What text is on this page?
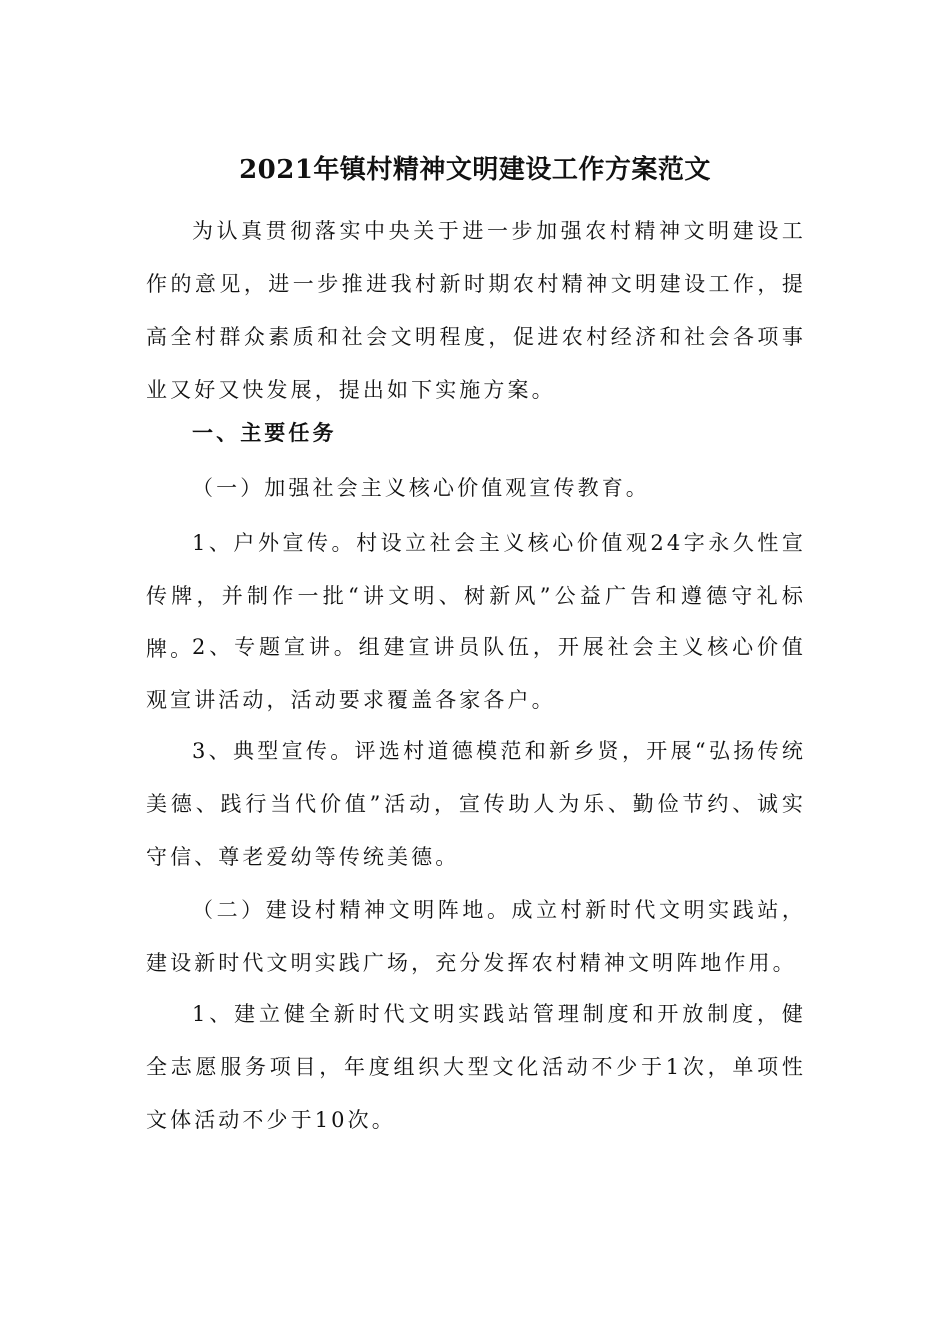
2021年镇村精神文明建设工作方案范文

为认真贯彻落实中央关于进一步加强农村精神文明建设工作的意见，进一步推进我村新时期农村精神文明建设工作，提高全村群众素质和社会文明程度，促进农村经济和社会各项事业又好又快发展，提出如下实施方案。

一、主要任务

（一）加强社会主义核心价值观宣传教育。

1、户外宣传。村设立社会主义核心价值观24字永久性宣传牌，并制作一批“讲文明、树新风”公益广告和遵德守礼标牌。

2、专题宣讲。组建宣讲员队伍，开展社会主义核心价值观宣讲活动，活动要求覆盖各家各户。

3、典型宣传。评选村道德模范和新乡贤，开展“弘扬传统美德、践行当代价值”活动，宣传助人为乐、勤俭节约、诚实守信、尊老爱幼等传统美德。

（二）建设村精神文明阵地。成立村新时代文明实践站，建设新时代文明实践广场，充分发挥农村精神文明阵地作用。

1、建立健全新时代文明实践站管理制度和开放制度，健全志愿服务项目，年度组织大型文化活动不少于1次，单项性文体活动不少于10次。
